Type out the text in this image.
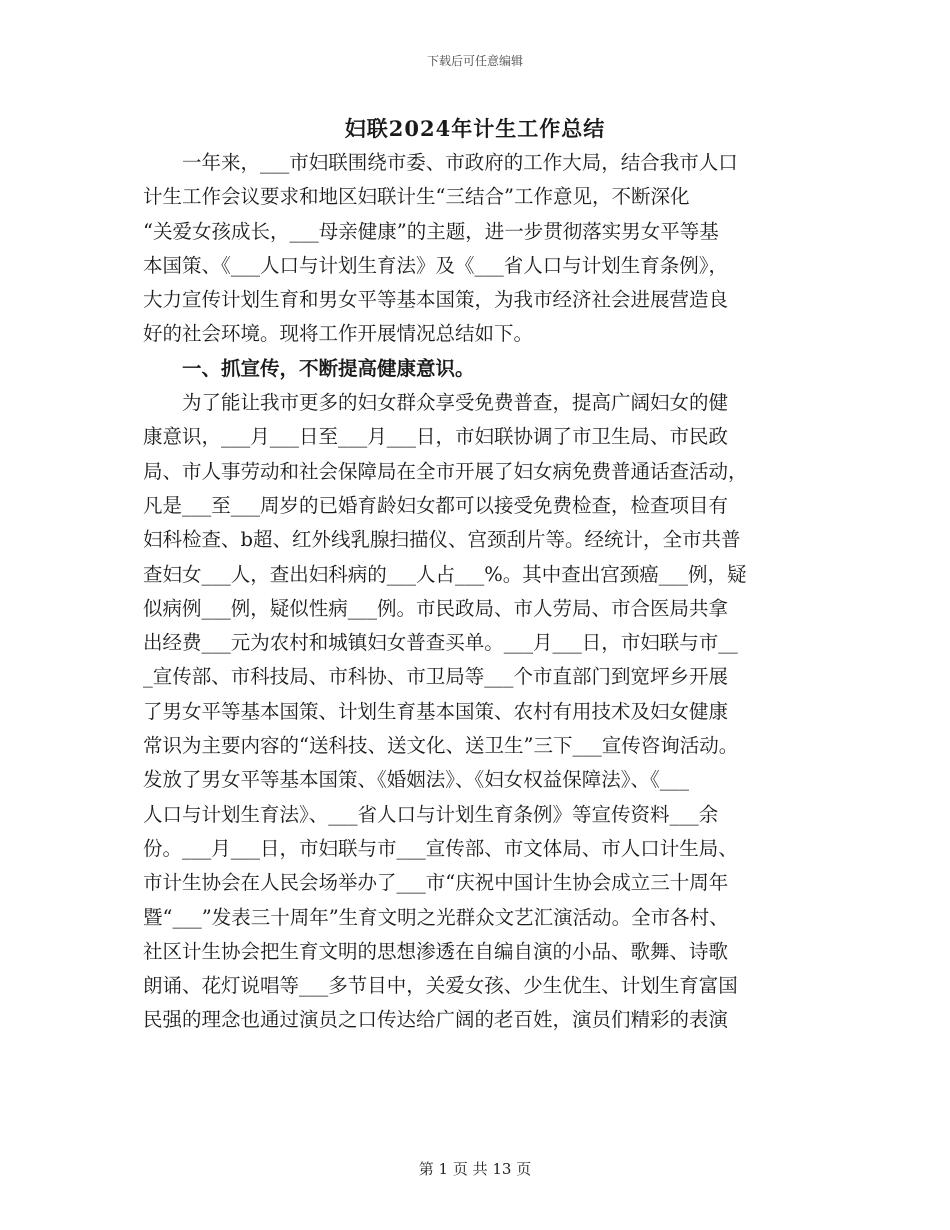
下载后可任意编辑
妇联2024年计生工作总结
一年来，___市妇联围绕市委、市政府的工作大局，结合我市人口
计生工作会议要求和地区妇联计生“三结合”工作意见，不断深化
“关爱女孩成长，___母亲健康”的主题，进一步贯彻落实男女平等基
本国策、《___人口与计划生育法》及《___省人口与计划生育条例》，
大力宣传计划生育和男女平等基本国策，为我市经济社会进展营造良
好的社会环境。现将工作开展情况总结如下。
一、抓宣传，不断提高健康意识。
为了能让我市更多的妇女群众享受免费普查，提高广阔妇女的健
康意识，___月___日至___月___日，市妇联协调了市卫生局、市民政
局、市人事劳动和社会保障局在全市开展了妇女病免费普通话查活动，
凡是___至___周岁的已婚育龄妇女都可以接受免费检查，检查项目有
妇科检查、b超、红外线乳腺扫描仪、宫颈刮片等。经统计，全市共普
查妇女___人，查出妇科病的___人占___%。其中查出宫颈癌___例，疑
似病例___例，疑似性病___例。市民政局、市人劳局、市合医局共拿
出经费___元为农村和城镇妇女普查买单。___月___日，市妇联与市__
_宣传部、市科技局、市科协、市卫局等___个市直部门到宽坪乡开展
了男女平等基本国策、计划生育基本国策、农村有用技术及妇女健康
常识为主要内容的“送科技、送文化、送卫生”三下___宣传咨询活动。
发放了男女平等基本国策、《婚姻法》、《妇女权益保障法》、《___
人口与计划生育法》、___省人口与计划生育条例》等宣传资料___余
份。___月___日，市妇联与市___宣传部、市文体局、市人口计生局、
市计生协会在人民会场举办了___市“庆祝中国计生协会成立三十周年
暨“___”发表三十周年”生育文明之光群众文艺汇演活动。全市各村、
社区计生协会把生育文明的思想渗透在自编自演的小品、歌舞、诗歌
朗诵、花灯说唱等___多节目中，关爱女孩、少生优生、计划生育富国
民强的理念也通过演员之口传达给广阔的老百姓，演员们精彩的表演
第 1 页 共 13 页
